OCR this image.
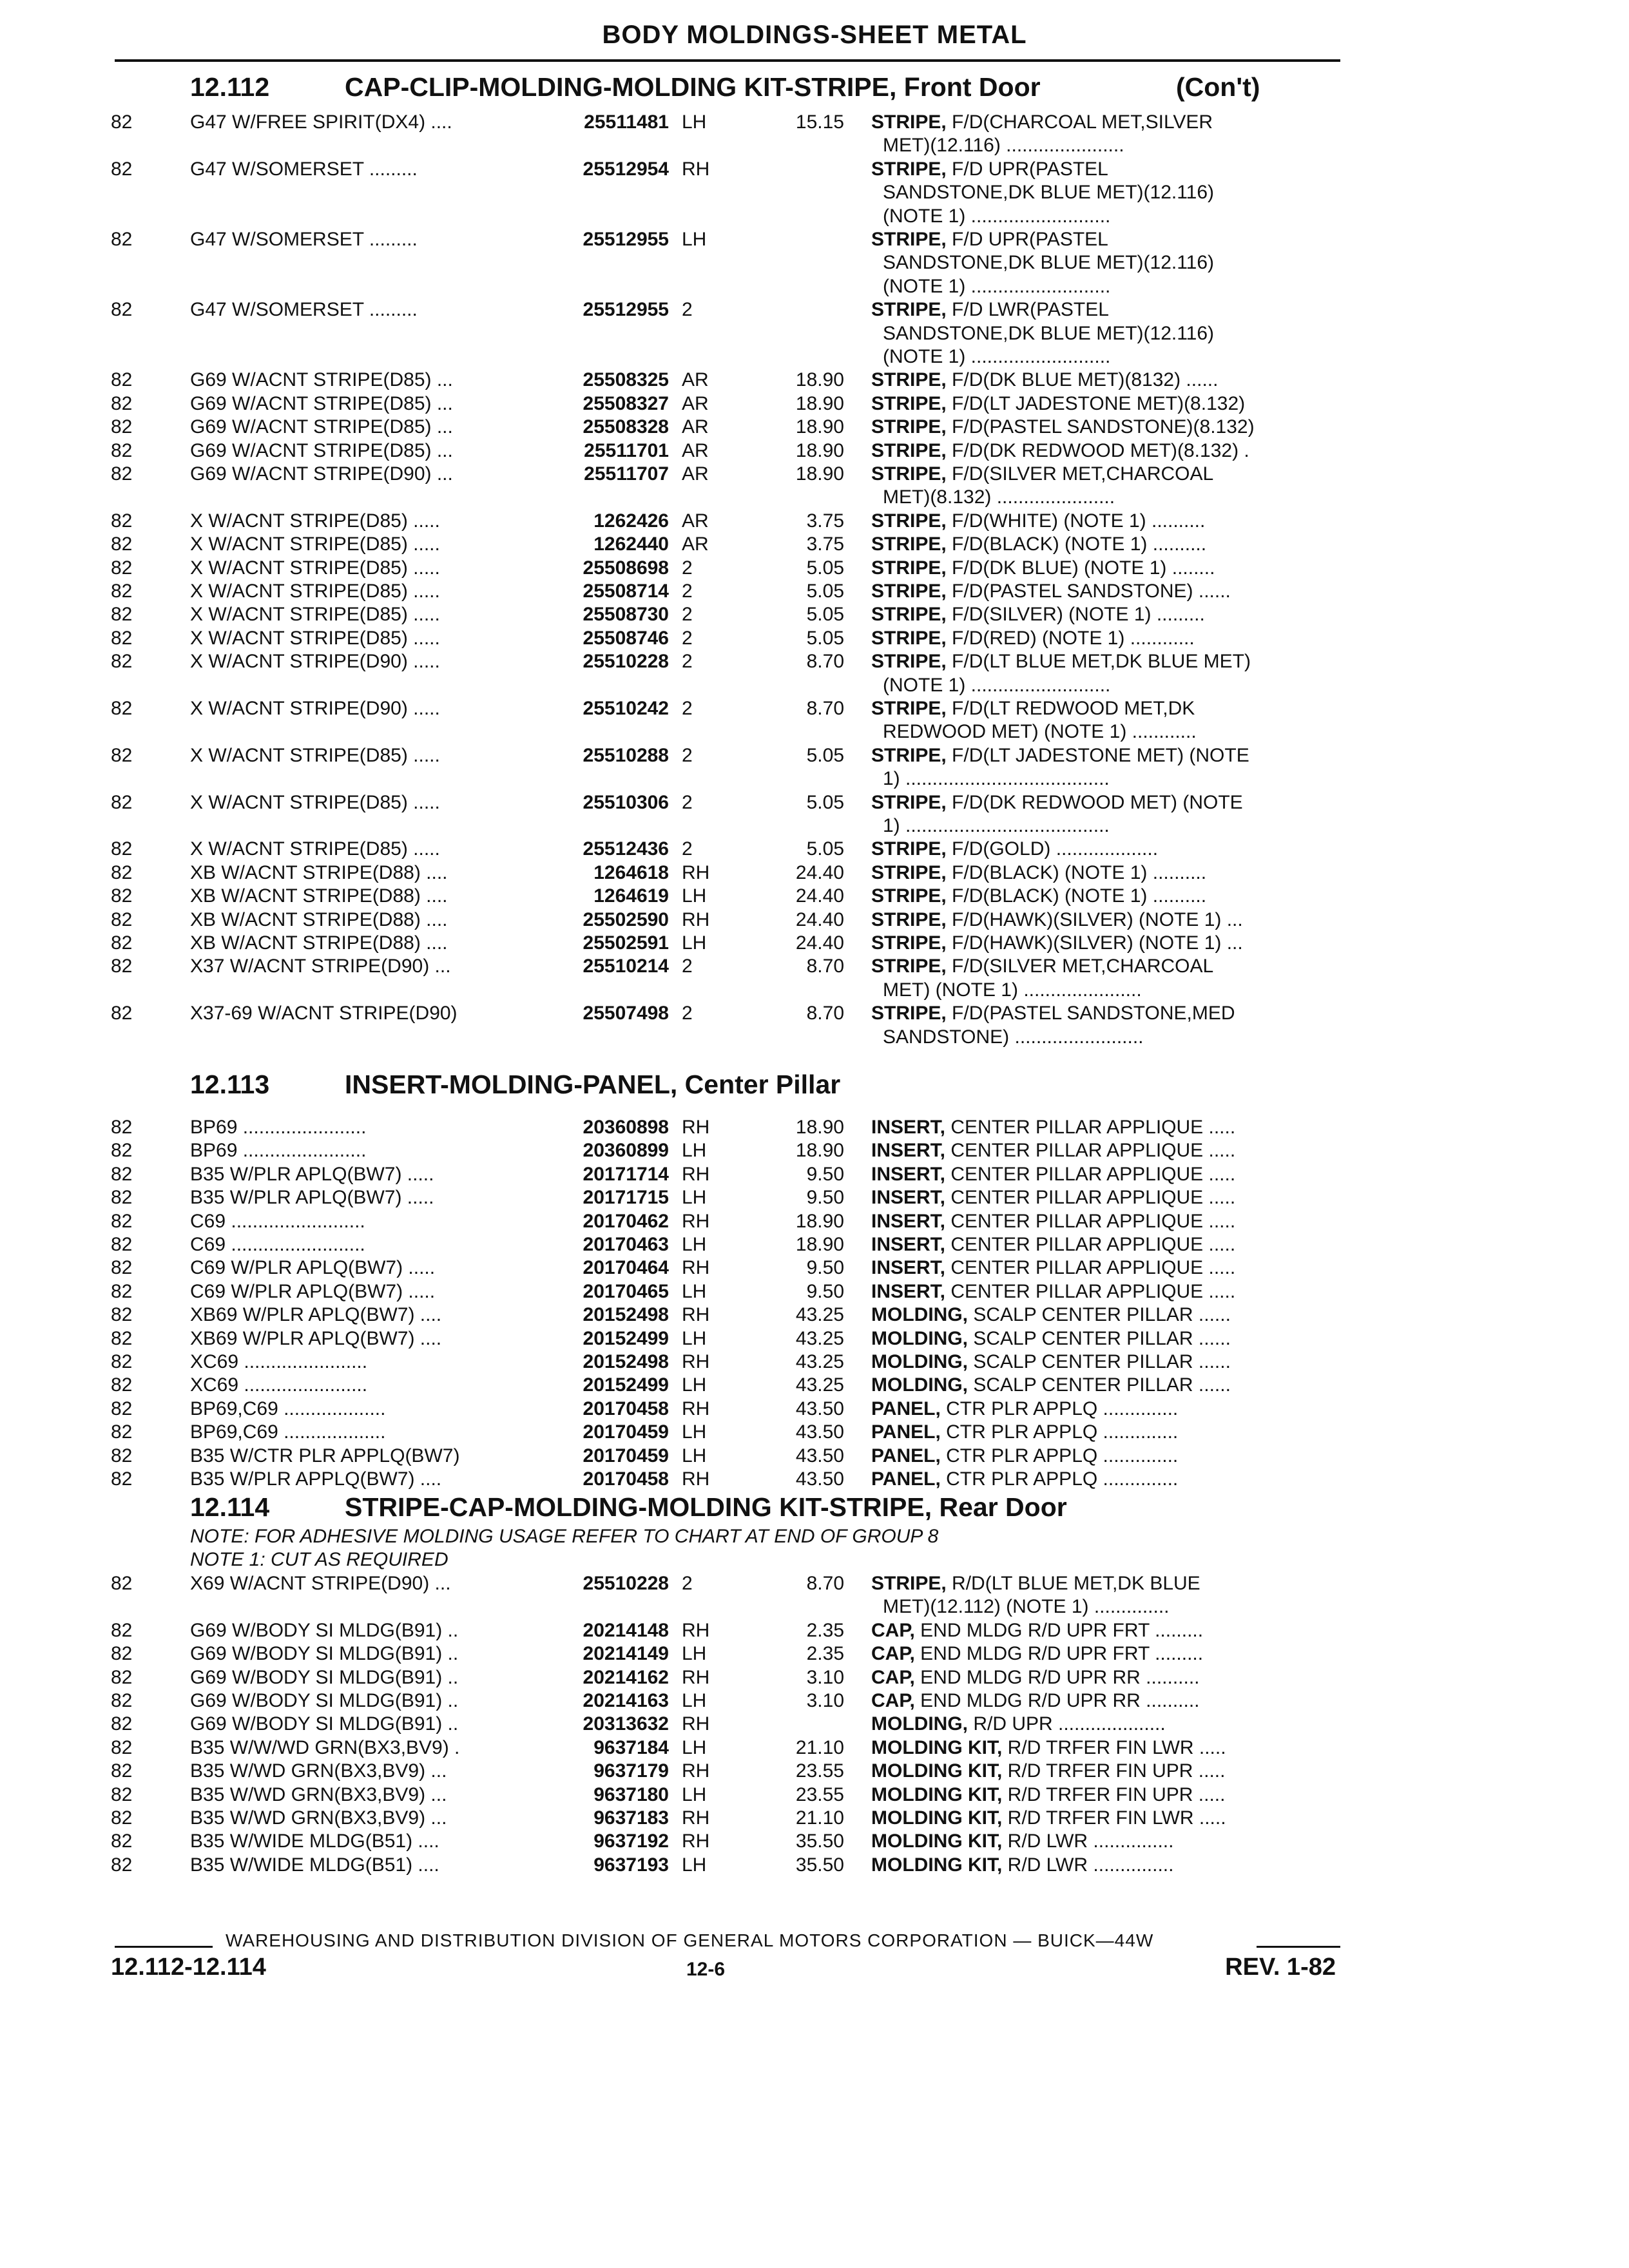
BODY MOLDINGS-SHEET METAL
12.112	CAP-CLIP-MOLDING-MOLDING KIT-STRIPE, Front Door	(Con't)
12.113	INSERT-MOLDING-PANEL, Center Pillar
12.114	STRIPE-CAP-MOLDING-MOLDING KIT-STRIPE, Rear Door
NOTE: FOR ADHESIVE MOLDING USAGE REFER TO CHART AT END OF GROUP 8
NOTE 1: CUT AS REQUIRED
82	G47 W/FREE SPIRIT(DX4) ....	25511481 LH	15.15 STRIPE, F/D(CHARCOAL MET,SILVER
MET)(12.116) ......................
82	G47 W/SOMERSET .........	25512954 RH	STRIPE, F/D UPR(PASTEL
SANDSTONE,DK BLUE MET)(12.116)
(NOTE 1) ..........................
82	G47 W/SOMERSET .........	25512955 LH	STRIPE, F/D UPR(PASTEL
SANDSTONE,DK BLUE MET)(12.116)
(NOTE 1) ..........................
82	G47 W/SOMERSET .........	25512955 2	STRIPE, F/D LWR(PASTEL
SANDSTONE,DK BLUE MET)(12.116)
(NOTE 1) ..........................
82	G69 W/ACNT STRIPE(D85) ...	25508325 AR	18.90 STRIPE, F/D(DK BLUE MET)(8132) ......
82	G69 W/ACNT STRIPE(D85) ...	25508327 AR	18.90 STRIPE, F/D(LT JADESTONE MET)(8.132)
82	G69 W/ACNT STRIPE(D85) ...	25508328 AR	18.90 STRIPE, F/D(PASTEL SANDSTONE)(8.132)
82	G69 W/ACNT STRIPE(D85) ...	25511701 AR	18.90 STRIPE, F/D(DK REDWOOD MET)(8.132) .
82	G69 W/ACNT STRIPE(D90) ...	25511707 AR	18.90 STRIPE, F/D(SILVER MET,CHARCOAL
MET)(8.132) ......................
82	X W/ACNT STRIPE(D85) .....	1262426 AR	3.75 STRIPE, F/D(WHITE) (NOTE 1) ..........
82	X W/ACNT STRIPE(D85) .....	1262440 AR	3.75 STRIPE, F/D(BLACK) (NOTE 1) ..........
82	X W/ACNT STRIPE(D85) .....	25508698 2	5.05 STRIPE, F/D(DK BLUE) (NOTE 1) ........
82	X W/ACNT STRIPE(D85) .....	25508714 2	5.05 STRIPE, F/D(PASTEL SANDSTONE) ......
82	X W/ACNT STRIPE(D85) .....	25508730 2	5.05 STRIPE, F/D(SILVER) (NOTE 1) .........
82	X W/ACNT STRIPE(D85) .....	25508746 2	5.05 STRIPE, F/D(RED) (NOTE 1) ............
82	X W/ACNT STRIPE(D90) .....	25510228 2	8.70 STRIPE, F/D(LT BLUE MET,DK BLUE MET)
(NOTE 1) ..........................
82	X W/ACNT STRIPE(D90) .....	25510242 2	8.70 STRIPE, F/D(LT REDWOOD MET,DK
REDWOOD MET) (NOTE 1) ............
82	X W/ACNT STRIPE(D85) .....	25510288 2	5.05 STRIPE, F/D(LT JADESTONE MET) (NOTE
1) ......................................
82	X W/ACNT STRIPE(D85) .....	25510306 2	5.05 STRIPE, F/D(DK REDWOOD MET) (NOTE
1) ......................................
82	X W/ACNT STRIPE(D85) .....	25512436 2	5.05 STRIPE, F/D(GOLD) ...................
82	XB W/ACNT STRIPE(D88) ....	1264618 RH	24.40 STRIPE, F/D(BLACK) (NOTE 1) ..........
82	XB W/ACNT STRIPE(D88) ....	1264619 LH	24.40 STRIPE, F/D(BLACK) (NOTE 1) ..........
82	XB W/ACNT STRIPE(D88) ....	25502590 RH	24.40 STRIPE, F/D(HAWK)(SILVER) (NOTE 1) ...
82	XB W/ACNT STRIPE(D88) ....	25502591 LH	24.40 STRIPE, F/D(HAWK)(SILVER) (NOTE 1) ...
82	X37 W/ACNT STRIPE(D90) ...	25510214 2	8.70 STRIPE, F/D(SILVER MET,CHARCOAL
MET) (NOTE 1) ......................
82	X37-69 W/ACNT STRIPE(D90)	25507498 2	8.70 STRIPE, F/D(PASTEL SANDSTONE,MED
SANDSTONE) ........................
82	BP69 .......................	20360898 RH	18.90 INSERT, CENTER PILLAR APPLIQUE .....
82	BP69 .......................	20360899 LH	18.90 INSERT, CENTER PILLAR APPLIQUE .....
82	B35 W/PLR APLQ(BW7) .....	20171714 RH	9.50 INSERT, CENTER PILLAR APPLIQUE .....
82	B35 W/PLR APLQ(BW7) .....	20171715 LH	9.50 INSERT, CENTER PILLAR APPLIQUE .....
82	C69 .........................	20170462 RH	18.90 INSERT, CENTER PILLAR APPLIQUE .....
82	C69 .........................	20170463 LH	18.90 INSERT, CENTER PILLAR APPLIQUE .....
82	C69 W/PLR APLQ(BW7) .....	20170464 RH	9.50 INSERT, CENTER PILLAR APPLIQUE .....
82	C69 W/PLR APLQ(BW7) .....	20170465 LH	9.50 INSERT, CENTER PILLAR APPLIQUE .....
82	XB69 W/PLR APLQ(BW7) ....	20152498 RH	43.25 MOLDING, SCALP CENTER PILLAR ......
82	XB69 W/PLR APLQ(BW7) ....	20152499 LH	43.25 MOLDING, SCALP CENTER PILLAR ......
82	XC69 .......................	20152498 RH	43.25 MOLDING, SCALP CENTER PILLAR ......
82	XC69 .......................	20152499 LH	43.25 MOLDING, SCALP CENTER PILLAR ......
82	BP69,C69 ...................	20170458 RH	43.50 PANEL, CTR PLR APPLQ ..............
82	BP69,C69 ...................	20170459 LH	43.50 PANEL, CTR PLR APPLQ ..............
82	B35 W/CTR PLR APPLQ(BW7)	20170459 LH	43.50 PANEL, CTR PLR APPLQ ..............
82	B35 W/PLR APPLQ(BW7) ....	20170458 RH	43.50 PANEL, CTR PLR APPLQ ..............
82	X69 W/ACNT STRIPE(D90) ...	25510228 2	8.70 STRIPE, R/D(LT BLUE MET,DK BLUE
MET)(12.112) (NOTE 1) ..............
82	G69 W/BODY SI MLDG(B91) ..	20214148 RH	2.35 CAP, END MLDG R/D UPR FRT .........
82	G69 W/BODY SI MLDG(B91) ..	20214149 LH	2.35 CAP, END MLDG R/D UPR FRT .........
82	G69 W/BODY SI MLDG(B91) ..	20214162 RH	3.10 CAP, END MLDG R/D UPR RR ..........
82	G69 W/BODY SI MLDG(B91) ..	20214163 LH	3.10 CAP, END MLDG R/D UPR RR ..........
82	G69 W/BODY SI MLDG(B91) ..	20313632 RH	MOLDING, R/D UPR ....................
82	B35 W/W/WD GRN(BX3,BV9) .	9637184 LH	21.10 MOLDING KIT, R/D TRFER FIN LWR .....
82	B35 W/WD GRN(BX3,BV9) ...	9637179 RH	23.55 MOLDING KIT, R/D TRFER FIN UPR .....
82	B35 W/WD GRN(BX3,BV9) ...	9637180 LH	23.55 MOLDING KIT, R/D TRFER FIN UPR .....
82	B35 W/WD GRN(BX3,BV9) ...	9637183 RH	21.10 MOLDING KIT, R/D TRFER FIN LWR .....
82	B35 W/WIDE MLDG(B51) ....	9637192 RH	35.50 MOLDING KIT, R/D LWR ...............
82	B35 W/WIDE MLDG(B51) ....	9637193 LH	35.50 MOLDING KIT, R/D LWR ...............
WAREHOUSING AND DISTRIBUTION DIVISION OF GENERAL MOTORS CORPORATION — BUICK—44W
12.112-12.114	12-6	REV. 1-82
